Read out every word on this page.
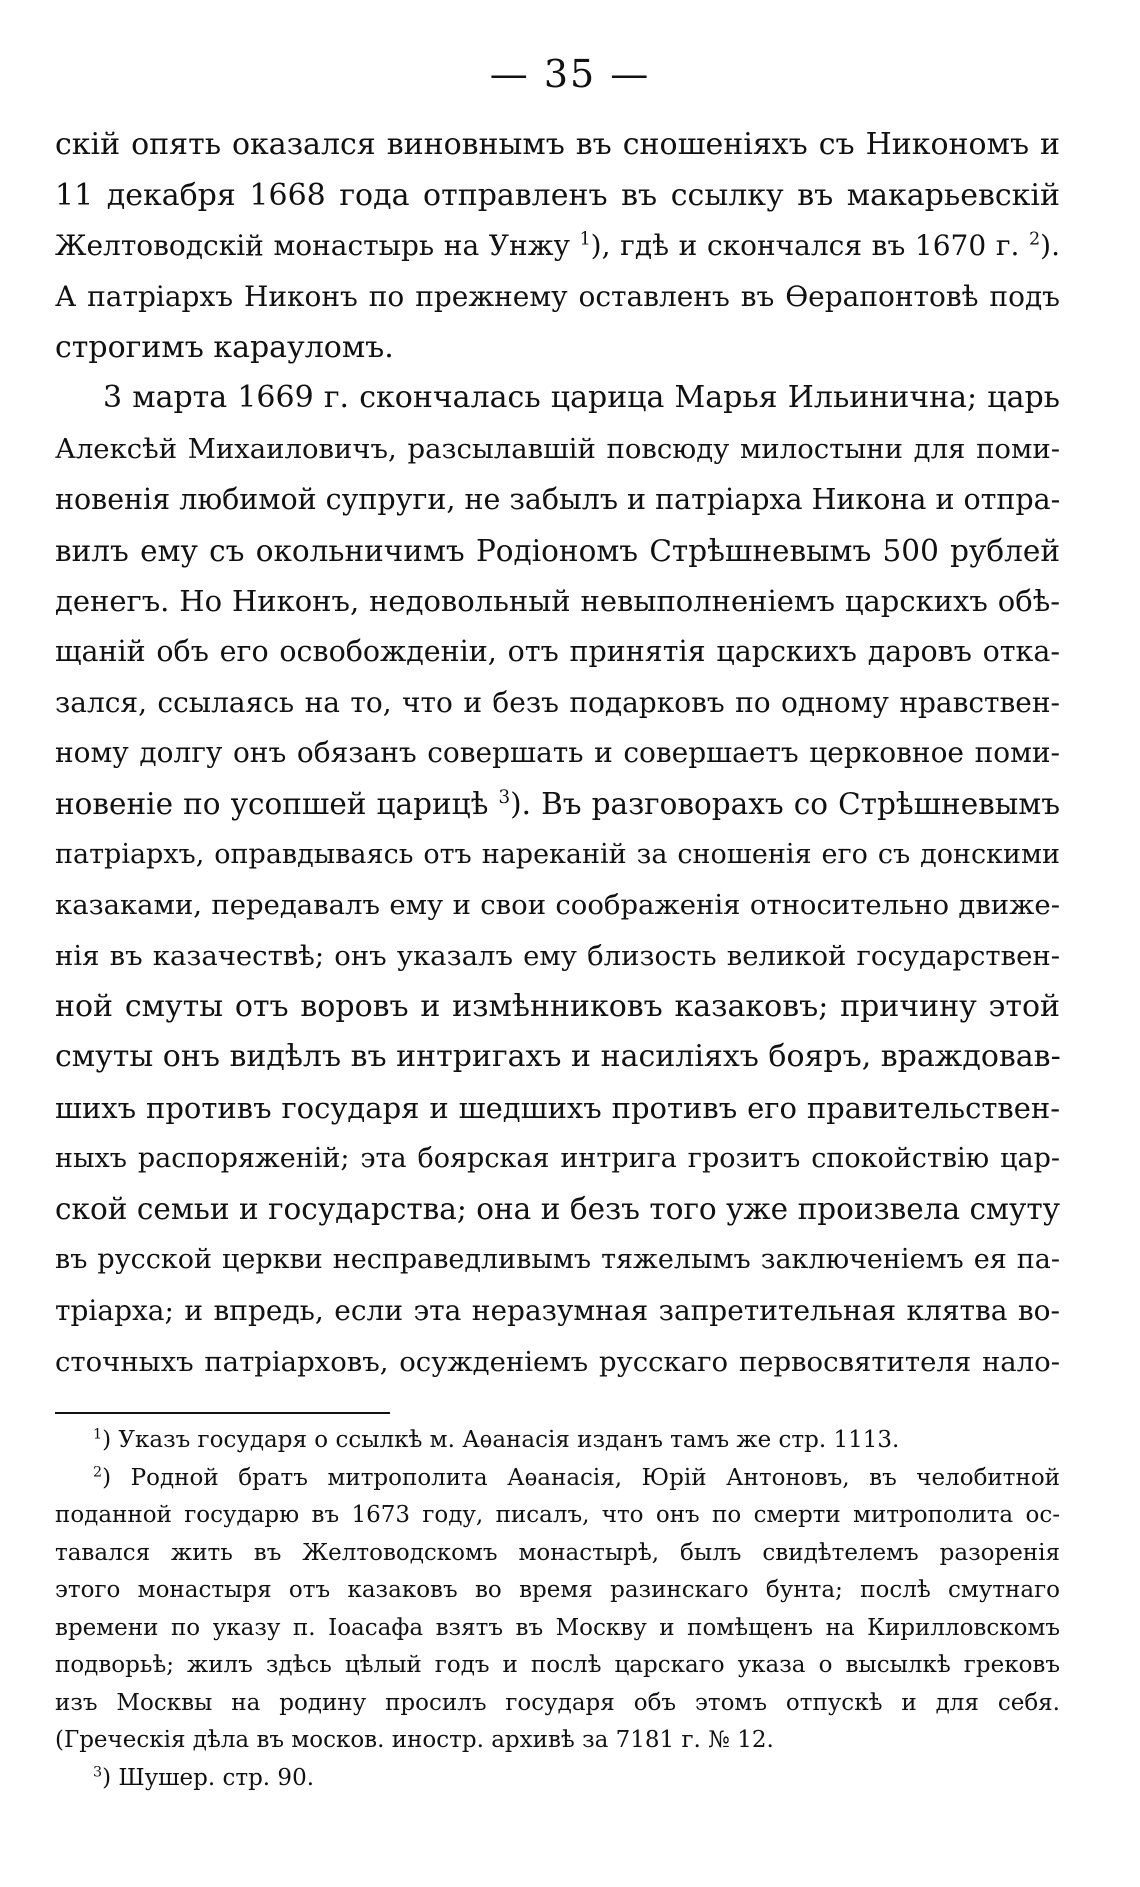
— 35 —
скій опять оказался виновнымъ въ сношеніяхъ съ Никономъ и
11 декабря 1668 года отправленъ въ ссылку въ макарьевскій
Желтоводскій монастырь на Унжу $^1$), гдѣ и скончался въ 1670 г. $^2$).
А патріархъ Никонъ по прежнему оставленъ въ Ѳерапонтовѣ подъ
строгимъ карауломъ.
3 марта 1669 г. скончалась царица Марья Ильинична; царь
Алексѣй Михаиловичъ, разсылавшій повсюду милостыни для поми-
новенія любимой супруги, не забылъ и патріарха Никона и отпра-
вилъ ему съ окольничимъ Родіономъ Стрѣшневымъ 500 рублей
денегъ. Но Никонъ, недовольный невыполненіемъ царскихъ обѣ-
щаній объ его освобожденіи, отъ принятія царскихъ даровъ отка-
зался, ссылаясь на то, что и безъ подарковъ по одному нравствен-
ному долгу онъ обязанъ совершать и совершаетъ церковное поми-
новеніе по усопшей царицѣ $^3$). Въ разговорахъ со Стрѣшневымъ
патріархъ, оправдываясь отъ нареканій за сношенія его съ донскими
казаками, передавалъ ему и свои соображенія относительно движе-
нія въ казачествѣ; онъ указалъ ему близость великой государствен-
ной смуты отъ воровъ и измѣнниковъ казаковъ; причину этой
смуты онъ видѣлъ въ интригахъ и насиліяхъ бояръ, враждовав-
шихъ противъ государя и шедшихъ противъ его правительствен-
ныхъ распоряженій; эта боярская интрига грозитъ спокойствію цар-
ской семьи и государства; она и безъ того уже произвела смуту
въ русской церкви несправедливымъ тяжелымъ заключеніемъ ея па-
тріарха; и впредь, если эта неразумная запретительная клятва во-
сточныхъ патріарховъ, осужденіемъ русскаго первосвятителя нало-
$^1$) Указъ государя о ссылкѣ м. Аѳанасія изданъ тамъ же стр. 1113.
$^2$) Родной братъ митрополита Аѳанасія, Юрій Антоновъ, въ челобитной
поданной государю въ 1673 году, писалъ, что онъ по смерти митрополита ос-
тавался жить въ Желтоводскомъ монастырѣ, былъ свидѣтелемъ разоренія
этого монастыря отъ казаковъ во время разинскаго бунта; послѣ смутнаго
времени по указу п. Іоасафа взятъ въ Москву и помѣщенъ на Кирилловскомъ
подворьѣ; жилъ здѣсь цѣлый годъ и послѣ царскаго указа о высылкѣ грековъ
изъ Москвы на родину просилъ государя объ этомъ отпускѣ и для себя.
(Греческія дѣла въ москов. иностр. архивѣ за 7181 г. № 12.
$^3$) Шушер. стр. 90.
